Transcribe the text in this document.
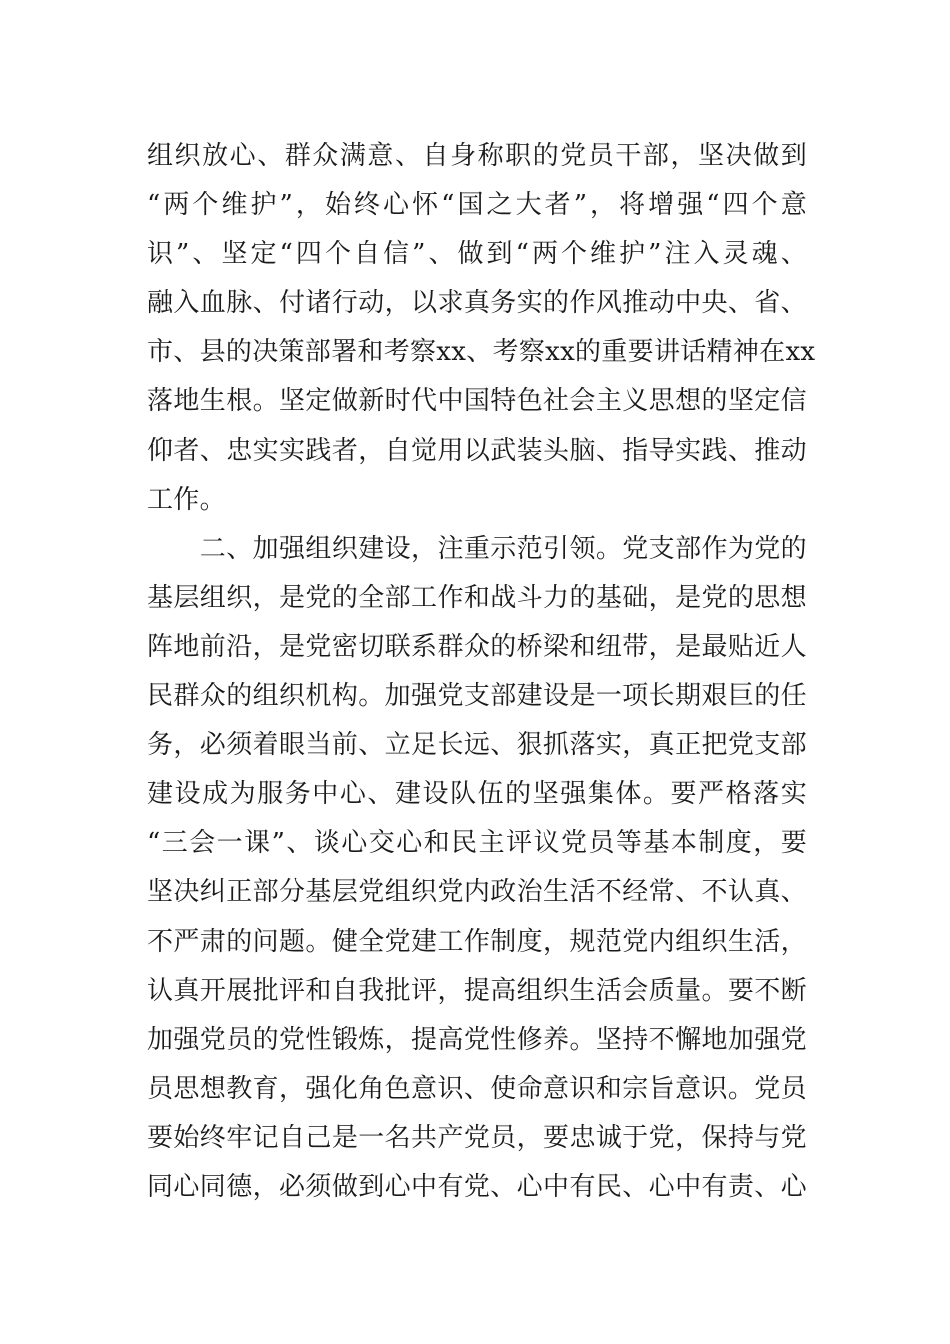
组织放心、群众满意、自身称职的党员干部，坚决做到
“两个维护”，始终心怀“国之大者”，将增强“四个意
识”、坚定“四个自信”、做到“两个维护”注入灵魂、
融入血脉、付诸行动，以求真务实的作风推动中央、省、
市、县的决策部署和考察xx、考察xx的重要讲话精神在xx
落地生根。坚定做新时代中国特色社会主义思想的坚定信
仰者、忠实实践者，自觉用以武装头脑、指导实践、推动
工作。
　　二、加强组织建设，注重示范引领。党支部作为党的
基层组织，是党的全部工作和战斗力的基础，是党的思想
阵地前沿，是党密切联系群众的桥梁和纽带，是最贴近人
民群众的组织机构。加强党支部建设是一项长期艰巨的任
务，必须着眼当前、立足长远、狠抓落实，真正把党支部
建设成为服务中心、建设队伍的坚强集体。要严格落实
“三会一课”、谈心交心和民主评议党员等基本制度，要
坚决纠正部分基层党组织党内政治生活不经常、不认真、
不严肃的问题。健全党建工作制度，规范党内组织生活，
认真开展批评和自我批评，提高组织生活会质量。要不断
加强党员的党性锻炼，提高党性修养。坚持不懈地加强党
员思想教育，强化角色意识、使命意识和宗旨意识。党员
要始终牢记自己是一名共产党员，要忠诚于党，保持与党
同心同德，必须做到心中有党、心中有民、心中有责、心
